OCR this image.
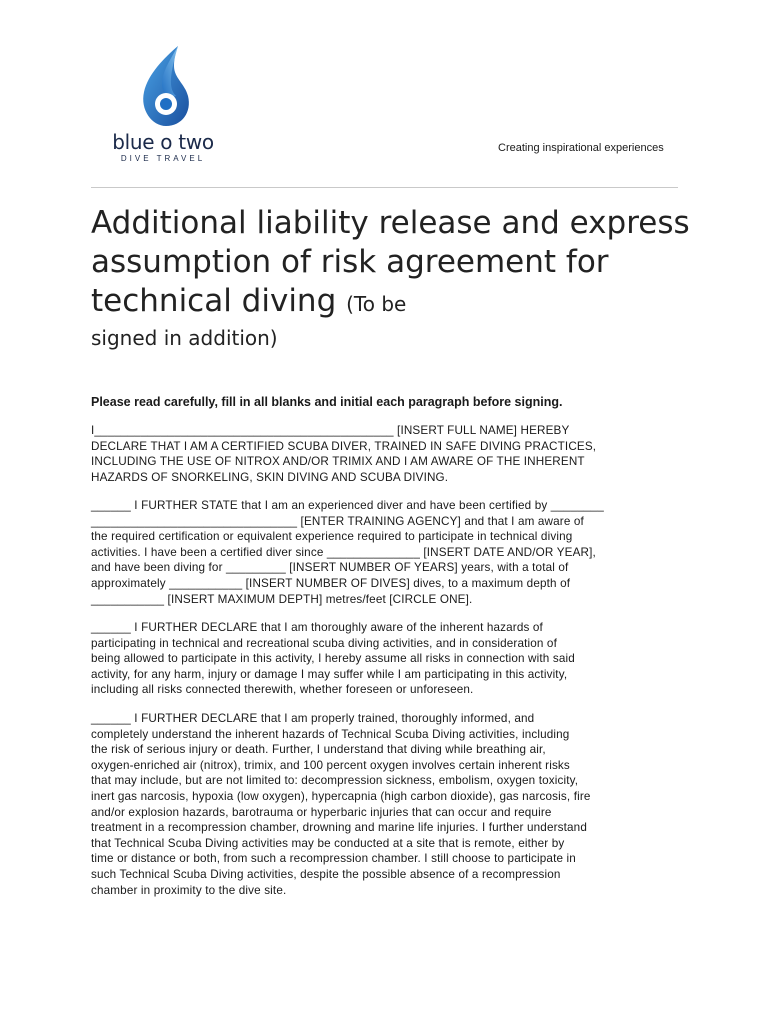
blue o two
DIVE TRAVEL
Creating inspirational experiences
Additional liability release and express assumption of risk agreement for technical diving (To be
signed in addition)
Please read carefully, fill in all blanks and initial each paragraph before signing.

I_____________________________________________ [INSERT FULL NAME] HEREBY
DECLARE THAT I AM A CERTIFIED SCUBA DIVER, TRAINED IN SAFE DIVING PRACTICES,
INCLUDING THE USE OF NITROX AND/OR TRIMIX AND I AM AWARE OF THE INHERENT
HAZARDS OF SNORKELING, SKIN DIVING AND SCUBA DIVING.

______ I FURTHER STATE that I am an experienced diver and have been certified by ________
_______________________________ [ENTER TRAINING AGENCY] and that I am aware of
the required certification or equivalent experience required to participate in technical diving
activities. I have been a certified diver since ______________ [INSERT DATE AND/OR YEAR],
and have been diving for _________ [INSERT NUMBER OF YEARS] years, with a total of
approximately ___________ [INSERT NUMBER OF DIVES] dives, to a maximum depth of
___________ [INSERT MAXIMUM DEPTH] metres/feet [CIRCLE ONE].

______ I FURTHER DECLARE that I am thoroughly aware of the inherent hazards of
participating in technical and recreational scuba diving activities, and in consideration of
being allowed to participate in this activity, I hereby assume all risks in connection with said
activity, for any harm, injury or damage I may suffer while I am participating in this activity,
including all risks connected therewith, whether foreseen or unforeseen.

______ I FURTHER DECLARE that I am properly trained, thoroughly informed, and
completely understand the inherent hazards of Technical Scuba Diving activities, including
the risk of serious injury or death. Further, I understand that diving while breathing air,
oxygen-enriched air (nitrox), trimix, and 100 percent oxygen involves certain inherent risks
that may include, but are not limited to: decompression sickness, embolism, oxygen toxicity,
inert gas narcosis, hypoxia (low oxygen), hypercapnia (high carbon dioxide), gas narcosis, fire
and/or explosion hazards, barotrauma or hyperbaric injuries that can occur and require
treatment in a recompression chamber, drowning and marine life injuries. I further understand
that Technical Scuba Diving activities may be conducted at a site that is remote, either by
time or distance or both, from such a recompression chamber. I still choose to participate in
such Technical Scuba Diving activities, despite the possible absence of a recompression
chamber in proximity to the dive site.
